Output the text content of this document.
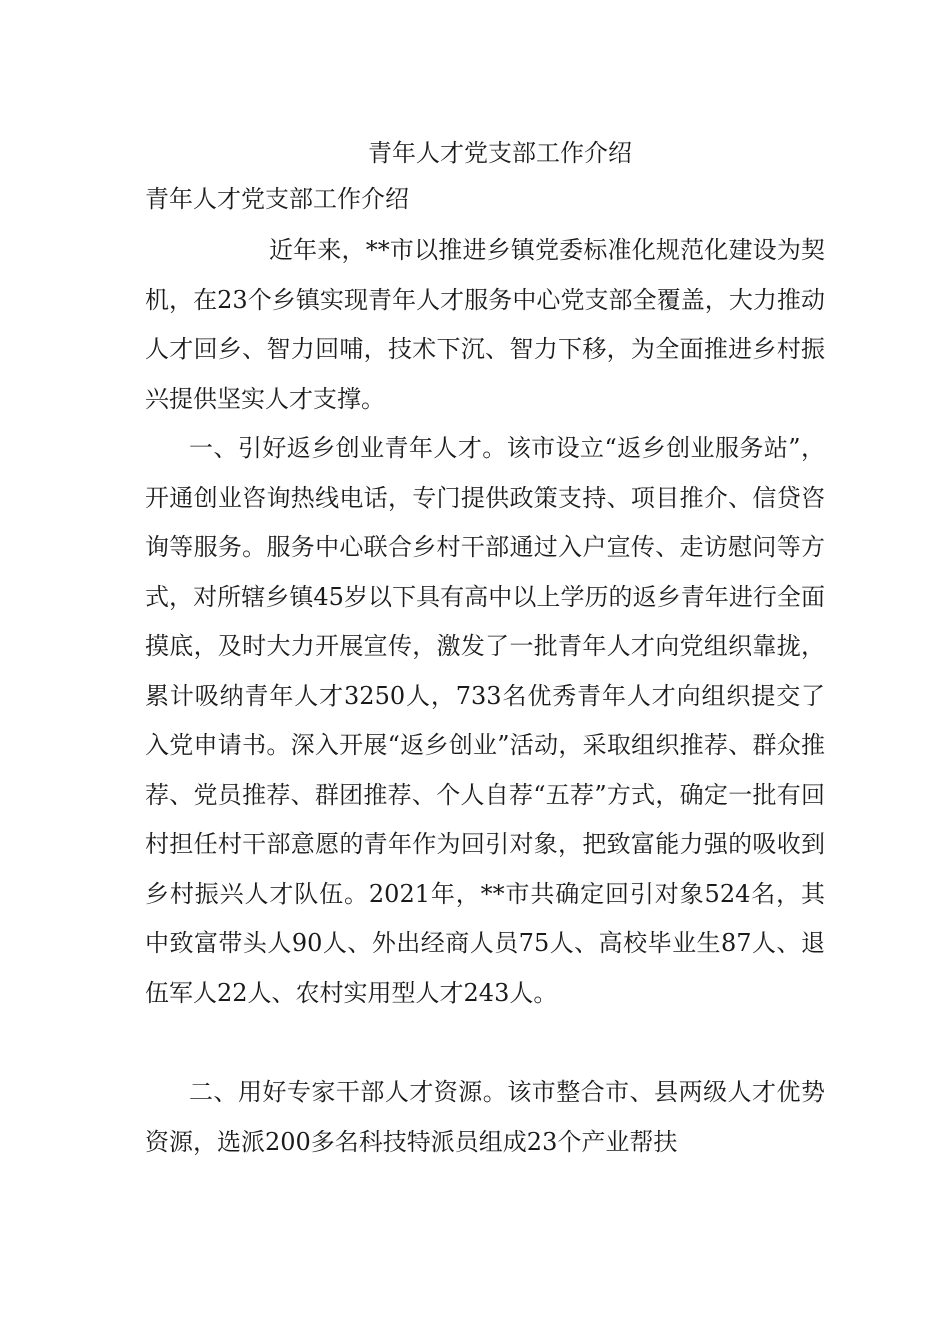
青年人才党支部工作介绍
青年人才党支部工作介绍

近年来，**市以推进乡镇党委标准化规范化建设为契机，在23个乡镇实现青年人才服务中心党支部全覆盖，大力推动人才回乡、智力回哺，技术下沉、智力下移，为全面推进乡村振兴提供坚实人才支撑。

一、引好返乡创业青年人才。该市设立“返乡创业服务站”，开通创业咨询热线电话，专门提供政策支持、项目推介、信贷咨询等服务。服务中心联合乡村干部通过入户宣传、走访慰问等方式，对所辖乡镇45岁以下具有高中以上学历的返乡青年进行全面摸底，及时大力开展宣传，激发了一批青年人才向党组织靠拢，累计吸纳青年人才3250人，733名优秀青年人才向组织提交了入党申请书。深入开展“返乡创业”活动，采取组织推荐、群众推荐、党员推荐、群团推荐、个人自荐“五荐”方式，确定一批有回村担任村干部意愿的青年作为回引对象，把致富能力强的吸收到乡村振兴人才队伍。2021年，**市共确定回引对象524名，其中致富带头人90人、外出经商人员75人、高校毕业生87人、退伍军人22人、农村实用型人才243人。

二、用好专家干部人才资源。该市整合市、县两级人才优势资源，选派200多名科技特派员组成23个产业帮扶
